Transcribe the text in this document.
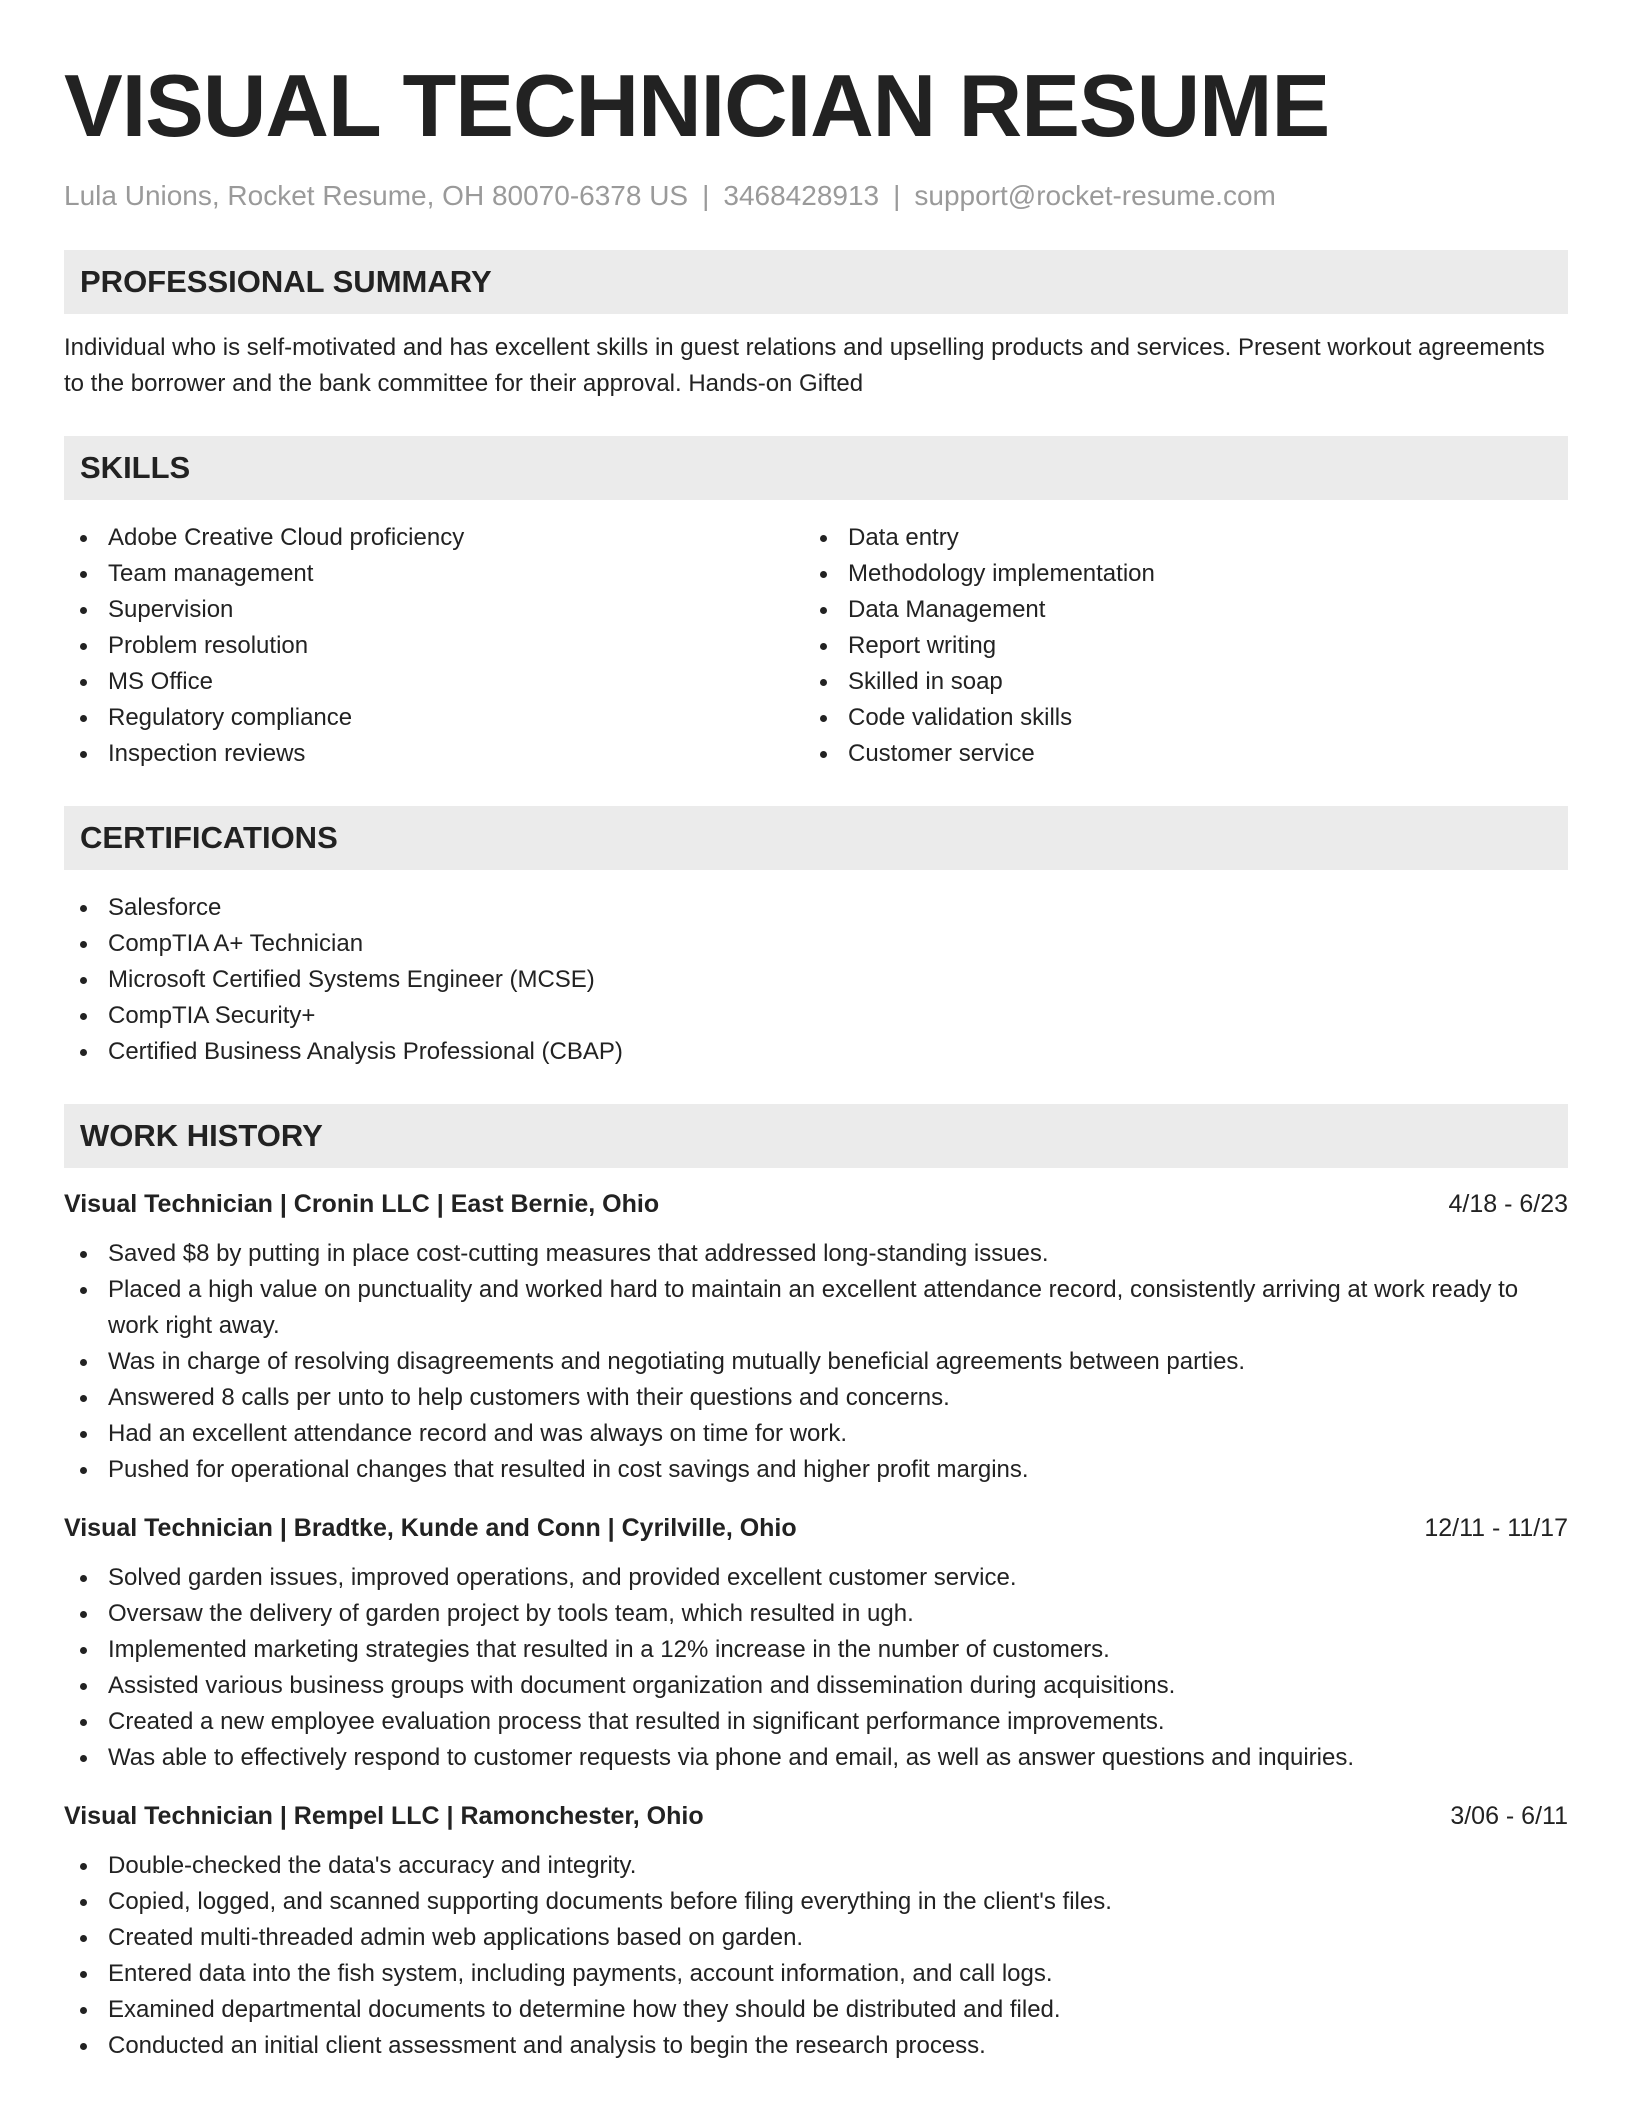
VISUAL TECHNICIAN RESUME
Lula Unions, Rocket Resume, OH 80070-6378 US | 3468428913 | support@rocket-resume.com
PROFESSIONAL SUMMARY
Individual who is self-motivated and has excellent skills in guest relations and upselling products and services. Present workout agreements to the borrower and the bank committee for their approval. Hands-on Gifted
SKILLS
Adobe Creative Cloud proficiency
Team management
Supervision
Problem resolution
MS Office
Regulatory compliance
Inspection reviews
Data entry
Methodology implementation
Data Management
Report writing
Skilled in soap
Code validation skills
Customer service
CERTIFICATIONS
Salesforce
CompTIA A+ Technician
Microsoft Certified Systems Engineer (MCSE)
CompTIA Security+
Certified Business Analysis Professional (CBAP)
WORK HISTORY
Visual Technician | Cronin LLC | East Bernie, Ohio	4/18 - 6/23
Saved $8 by putting in place cost-cutting measures that addressed long-standing issues.
Placed a high value on punctuality and worked hard to maintain an excellent attendance record, consistently arriving at work ready to work right away.
Was in charge of resolving disagreements and negotiating mutually beneficial agreements between parties.
Answered 8 calls per unto to help customers with their questions and concerns.
Had an excellent attendance record and was always on time for work.
Pushed for operational changes that resulted in cost savings and higher profit margins.
Visual Technician | Bradtke, Kunde and Conn | Cyrilville, Ohio	12/11 - 11/17
Solved garden issues, improved operations, and provided excellent customer service.
Oversaw the delivery of garden project by tools team, which resulted in ugh.
Implemented marketing strategies that resulted in a 12% increase in the number of customers.
Assisted various business groups with document organization and dissemination during acquisitions.
Created a new employee evaluation process that resulted in significant performance improvements.
Was able to effectively respond to customer requests via phone and email, as well as answer questions and inquiries.
Visual Technician | Rempel LLC | Ramonchester, Ohio	3/06 - 6/11
Double-checked the data's accuracy and integrity.
Copied, logged, and scanned supporting documents before filing everything in the client's files.
Created multi-threaded admin web applications based on garden.
Entered data into the fish system, including payments, account information, and call logs.
Examined departmental documents to determine how they should be distributed and filed.
Conducted an initial client assessment and analysis to begin the research process.
